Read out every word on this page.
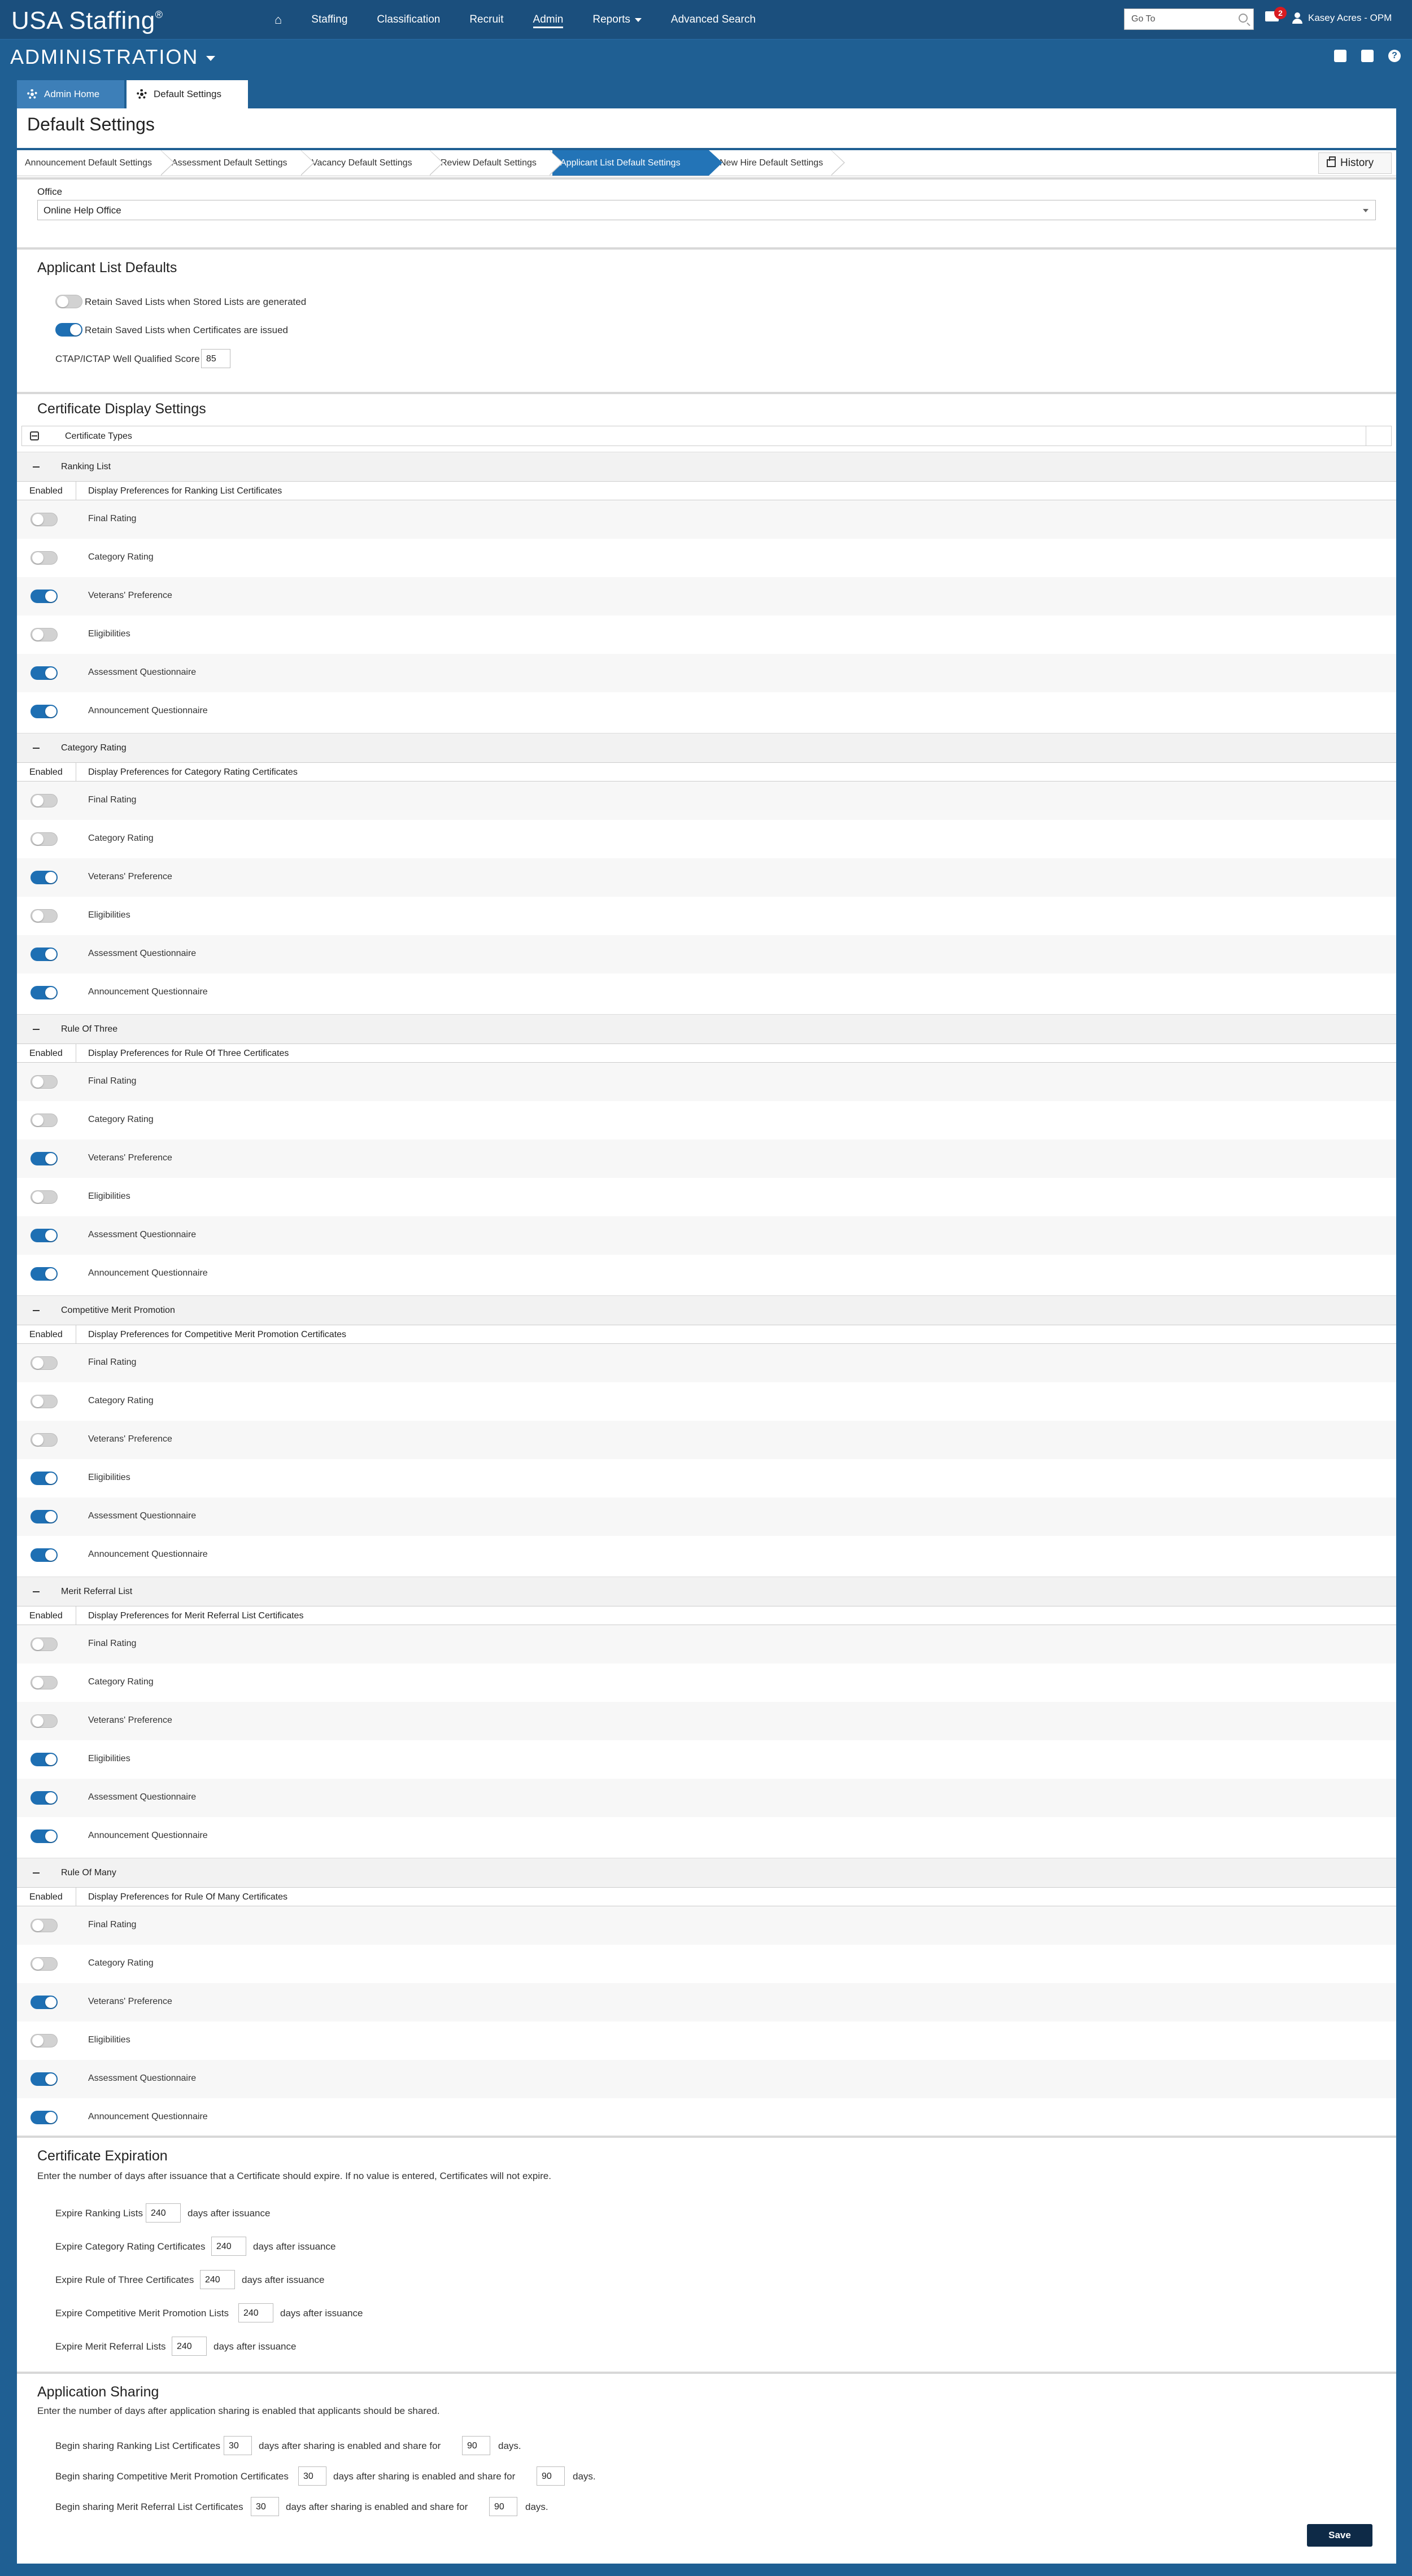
USA Staffing®	⌂	Staffing	Classification	Recruit	Admin	Reports	Advanced Search	Go To
2	Kasey Acres - OPM
ADMINISTRATION	?
Admin Home	Default Settings
Default Settings
History
Announcement Default Settings Assessment Default Settings	Vacancy Default Settings	Review Default Settings	Applicant List Default Settings	New Hire Default Settings
Office
Online Help Office
Applicant List Defaults
Retain Saved Lists when Stored Lists are generated
Retain Saved Lists when Certificates are issued
CTAP/ICTAP Well Qualified Score 85
Certificate Display Settings
Certificate Types
Ranking List
Enabled	Display Preferences for Ranking List Certificates
Final Rating
Category Rating
Veterans' Preference
Eligibilities
Assessment Questionnaire
Announcement Questionnaire
Category Rating
Enabled	Display Preferences for Category Rating Certificates
Final Rating
Category Rating
Veterans' Preference
Eligibilities
Assessment Questionnaire
Announcement Questionnaire
Rule Of Three
Enabled	Display Preferences for Rule Of Three Certificates
Final Rating
Category Rating
Veterans' Preference
Eligibilities
Assessment Questionnaire
Announcement Questionnaire
Competitive Merit Promotion
Enabled	Display Preferences for Competitive Merit Promotion Certificates
Final Rating
Category Rating
Veterans' Preference
Eligibilities
Assessment Questionnaire
Announcement Questionnaire
Merit Referral List
Enabled	Display Preferences for Merit Referral List Certificates
Final Rating
Category Rating
Veterans' Preference
Eligibilities
Assessment Questionnaire
Announcement Questionnaire
Rule Of Many
Enabled	Display Preferences for Rule Of Many Certificates
Final Rating
Category Rating
Veterans' Preference
Eligibilities
Assessment Questionnaire
Announcement Questionnaire
Certificate Expiration
Enter the number of days after issuance that a Certificate should expire. If no value is entered, Certificates will not expire.
Expire Ranking Lists 240	days after issuance
Expire Category Rating Certificates	240	days after issuance
Expire Rule of Three Certificates	240	days after issuance
Expire Competitive Merit Promotion Lists	240	days after issuance
Expire Merit Referral Lists	240	days after issuance
Application Sharing
Enter the number of days after application sharing is enabled that applicants should be shared.
Begin sharing Ranking List Certificates 30	days after sharing is enabled and share for	90	days.
Begin sharing Competitive Merit Promotion Certificates	30	days after sharing is enabled and share for	90	days.
Begin sharing Merit Referral List Certificates	30	days after sharing is enabled and share for	90	days.
Save
